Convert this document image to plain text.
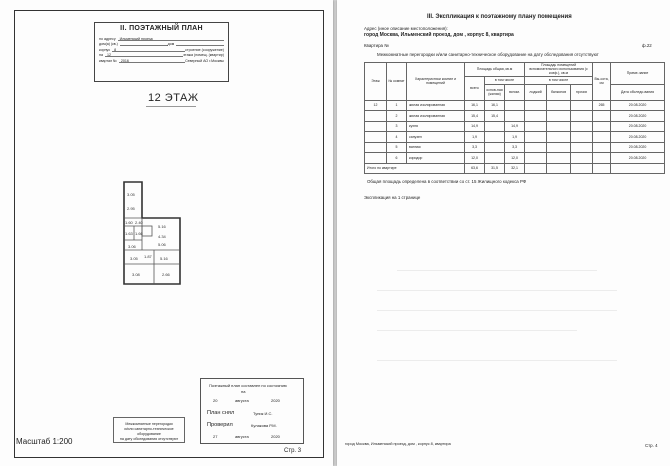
II. ПОЭТАЖНЫЙ ПЛАН
по адресу	Ильменский проезд
дом(а) (кв.)	дом
корпус	8	строение (сооружение)
на	12	этажа (помещ. (квартир)
квартал №	2016	Северный АО г.Москвы
12 ЭТАЖ
3.05
2.95
1.60 2.40
1.63 1.66
5.16
4.34
3.06	5.06
3.05	5.16
1.87
3.08	2.66
Межкомнатные перегородки
и/или санитарно-техническое оборудование
на дату обследования отсутствуют
Поэтажный план составлен по состоянию
на
20	августа	2020
План снял	Тупик И.С.
Проверил	Кулакова Р.М.
27	августа	2020
Масштаб 1:200
Стр. 3
III. Экспликация к поэтажному плану помещения
Адрес (иное описание местоположения):
город Москва, Ильменский проезд, дом , корпус 8, квартира
Квартира №	ф.22
Межкомнатные перегородки и/или санитарно-техническое оборудование на дату обследования отсутствуют
Этаж	№ комнат	Характеристики комнат и помещений	Площадь общая, кв.м			Площадь помещений вспомогательного использования (с коэф.), кв.м			Вы-сота, см	Приме-чание
			всего	в том числе		в том числе				
				основ-ная (жилая)	вспом.	лоджий	балконов	прочих		Дата обследо-вания
12	1	жилая изолированная	16,1	16,1					265	20.08.2020
	2	жилая изолированная	15,4	15,4						20.08.2020
	3	кухня	14,9		14,9					20.08.2020
	4	санузел	1,9		1,9					20.08.2020
	5	ванная	3,3		3,3					20.08.2020
	6	коридор	12,0		12,0					20.08.2020
Итого по квартире			63,6	31,5	32,1					
Общая площадь определена в соответствии со ст. 15 Жилищного кодекса РФ
Экспликация на 1 странице
город Москва, Ильменский проезд, дом , корпус 8, квартира	Стр. 4
